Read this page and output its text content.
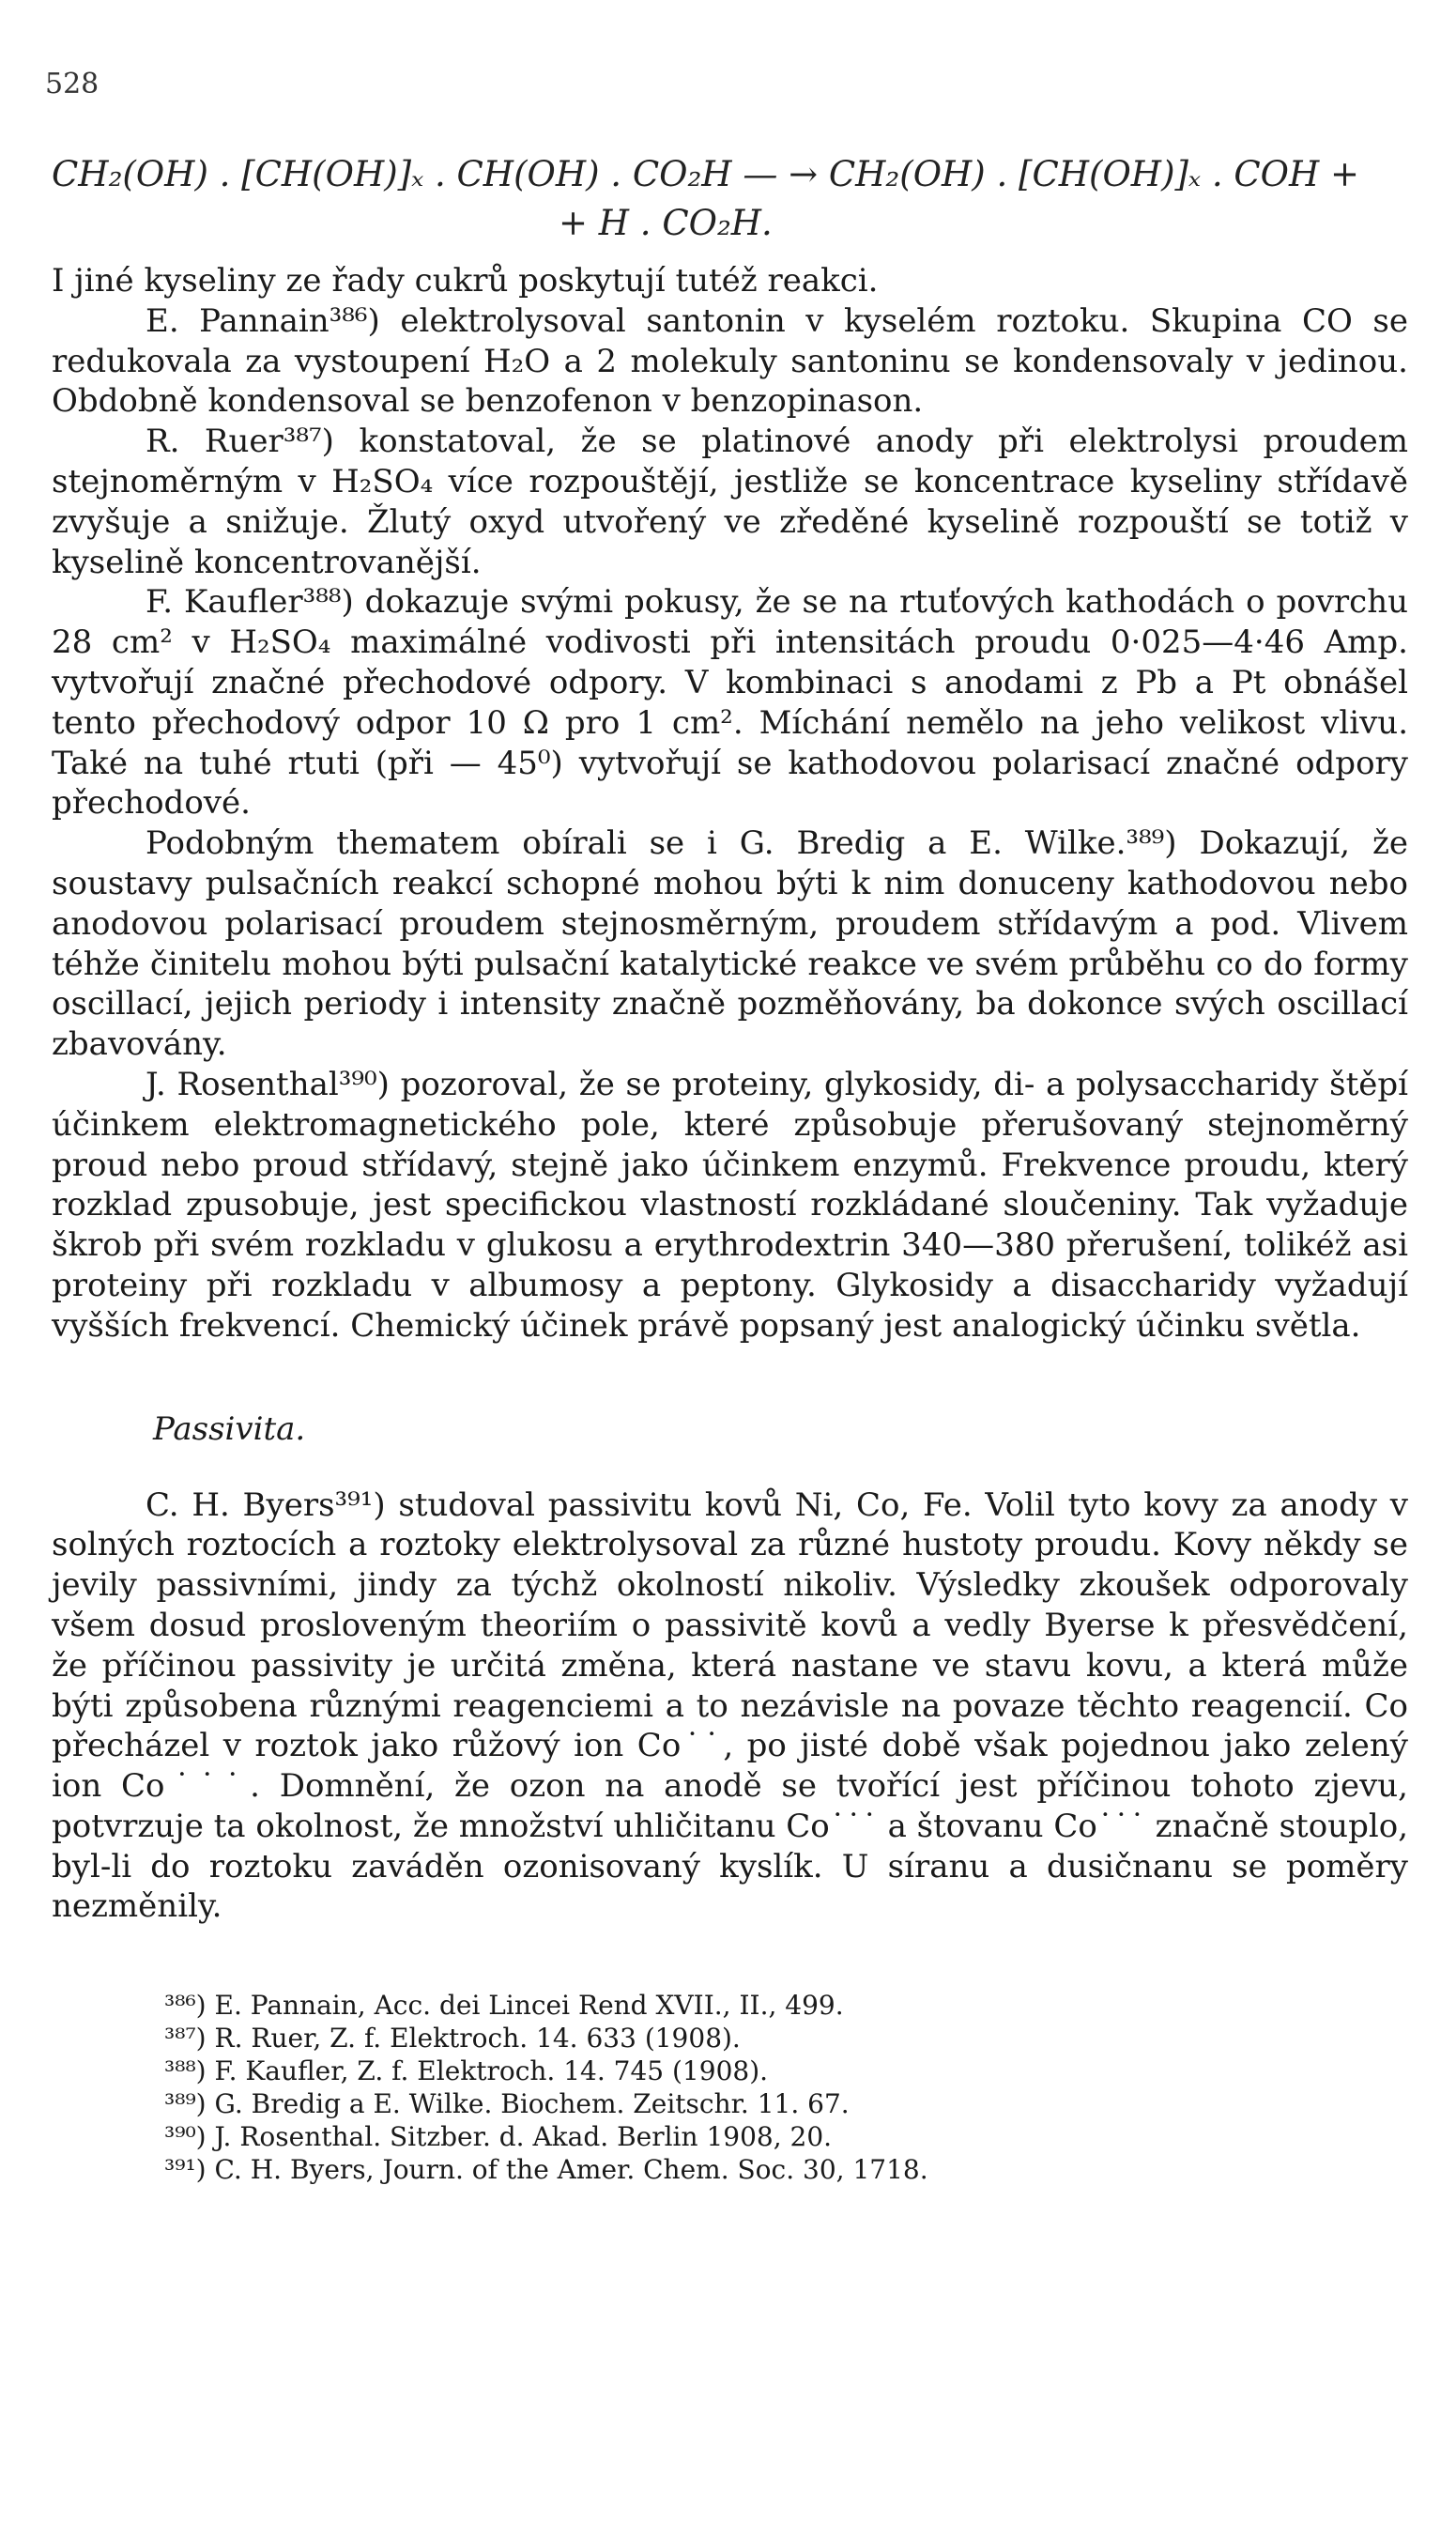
528
CH₂(OH) . [CH(OH)]ₓ . CH(OH) . CO₂H — → CH₂(OH) . [CH(OH)]ₓ . COH +
+ H . CO₂H.

I jiné kyseliny ze řady cukrů poskytují tutéž reakci.

E. Pannain³⁸⁶) elektrolysoval santonin v kyselém roztoku. Skupina CO se redukovala za vystoupení H₂O a 2 molekuly santoninu se kondensovaly v jedinou. Obdobně kondensoval se benzofenon v benzopinason.

R. Ruer³⁸⁷) konstatoval, že se platinové anody při elektrolysi proudem stejnoměrným v H₂SO₄ více rozpouštějí, jestliže se koncentrace kyseliny střídavě zvyšuje a snižuje. Žlutý oxyd utvořený ve zředěné kyselině rozpouští se totiž v kyselině koncentrovanější.

F. Kaufler³⁸⁸) dokazuje svými pokusy, že se na rtuťových kathodách o povrchu 28 cm² v H₂SO₄ maximálné vodivosti při intensitách proudu 0·025—4·46 Amp. vytvořují značné přechodové odpory. V kombinaci s anodami z Pb a Pt obnášel tento přechodový odpor 10 Ω pro 1 cm². Míchání nemělo na jeho velikost vlivu. Také na tuhé rtuti (při — 45⁰) vytvořují se kathodovou polarisací značné odpory přechodové.

Podobným thematem obírali se i G. Bredig a E. Wilke.³⁸⁹) Dokazují, že soustavy pulsačních reakcí schopné mohou býti k nim donuceny kathodovou nebo anodovou polarisací proudem stejnosměrným, proudem střídavým a pod. Vlivem téhže činitelu mohou býti pulsační katalytické reakce ve svém průběhu co do formy oscillací, jejich periody i intensity značně pozměňovány, ba dokonce svých oscillací zbavovány.

J. Rosenthal³⁹⁰) pozoroval, že se proteiny, glykosidy, di- a polysaccharidy štěpí účinkem elektromagnetického pole, které způsobuje přerušovaný stejnoměrný proud nebo proud střídavý, stejně jako účinkem enzymů. Frekvence proudu, který rozklad zpusobuje, jest specifickou vlastností rozkládané sloučeniny. Tak vyžaduje škrob při svém rozkladu v glukosu a erythrodextrin 340—380 přerušení, tolikéž asi proteiny při rozkladu v albumosy a peptony. Glykosidy a disaccharidy vyžadují vyšších frekvencí. Chemický účinek právě popsaný jest analogický účinku světla.

Passivita.

C. H. Byers³⁹¹) studoval passivitu kovů Ni, Co, Fe. Volil tyto kovy za anody v solných roztocích a roztoky elektrolysoval za různé hustoty proudu. Kovy někdy se jevily passivními, jindy za týchž okolností nikoliv. Výsledky zkoušek odporovaly všem dosud prosloveným theoriím o passivitě kovů a vedly Byerse k přesvědčení, že příčinou passivity je určitá změna, která nastane ve stavu kovu, a která může býti způsobena různými reagenciemi a to nezávisle na povaze těchto reagencií. Co přecházel v roztok jako růžový ion Co˙˙, po jisté době však pojednou jako zelený ion Co˙˙˙. Domnění, že ozon na anodě se tvořící jest příčinou tohoto zjevu, potvrzuje ta okolnost, že množství uhličitanu Co˙˙˙ a štovanu Co˙˙˙ značně stouplo, byl-li do roztoku zaváděn ozonisovaný kyslík. U síranu a dusičnanu se poměry nezměnily.

³⁸⁶) E. Pannain, Acc. dei Lincei Rend XVII., II., 499.
³⁸⁷) R. Ruer, Z. f. Elektroch. 14. 633 (1908).
³⁸⁸) F. Kaufler, Z. f. Elektroch. 14. 745 (1908).
³⁸⁹) G. Bredig a E. Wilke. Biochem. Zeitschr. 11. 67.
³⁹⁰) J. Rosenthal. Sitzber. d. Akad. Berlin 1908, 20.
³⁹¹) C. H. Byers, Journ. of the Amer. Chem. Soc. 30, 1718.
